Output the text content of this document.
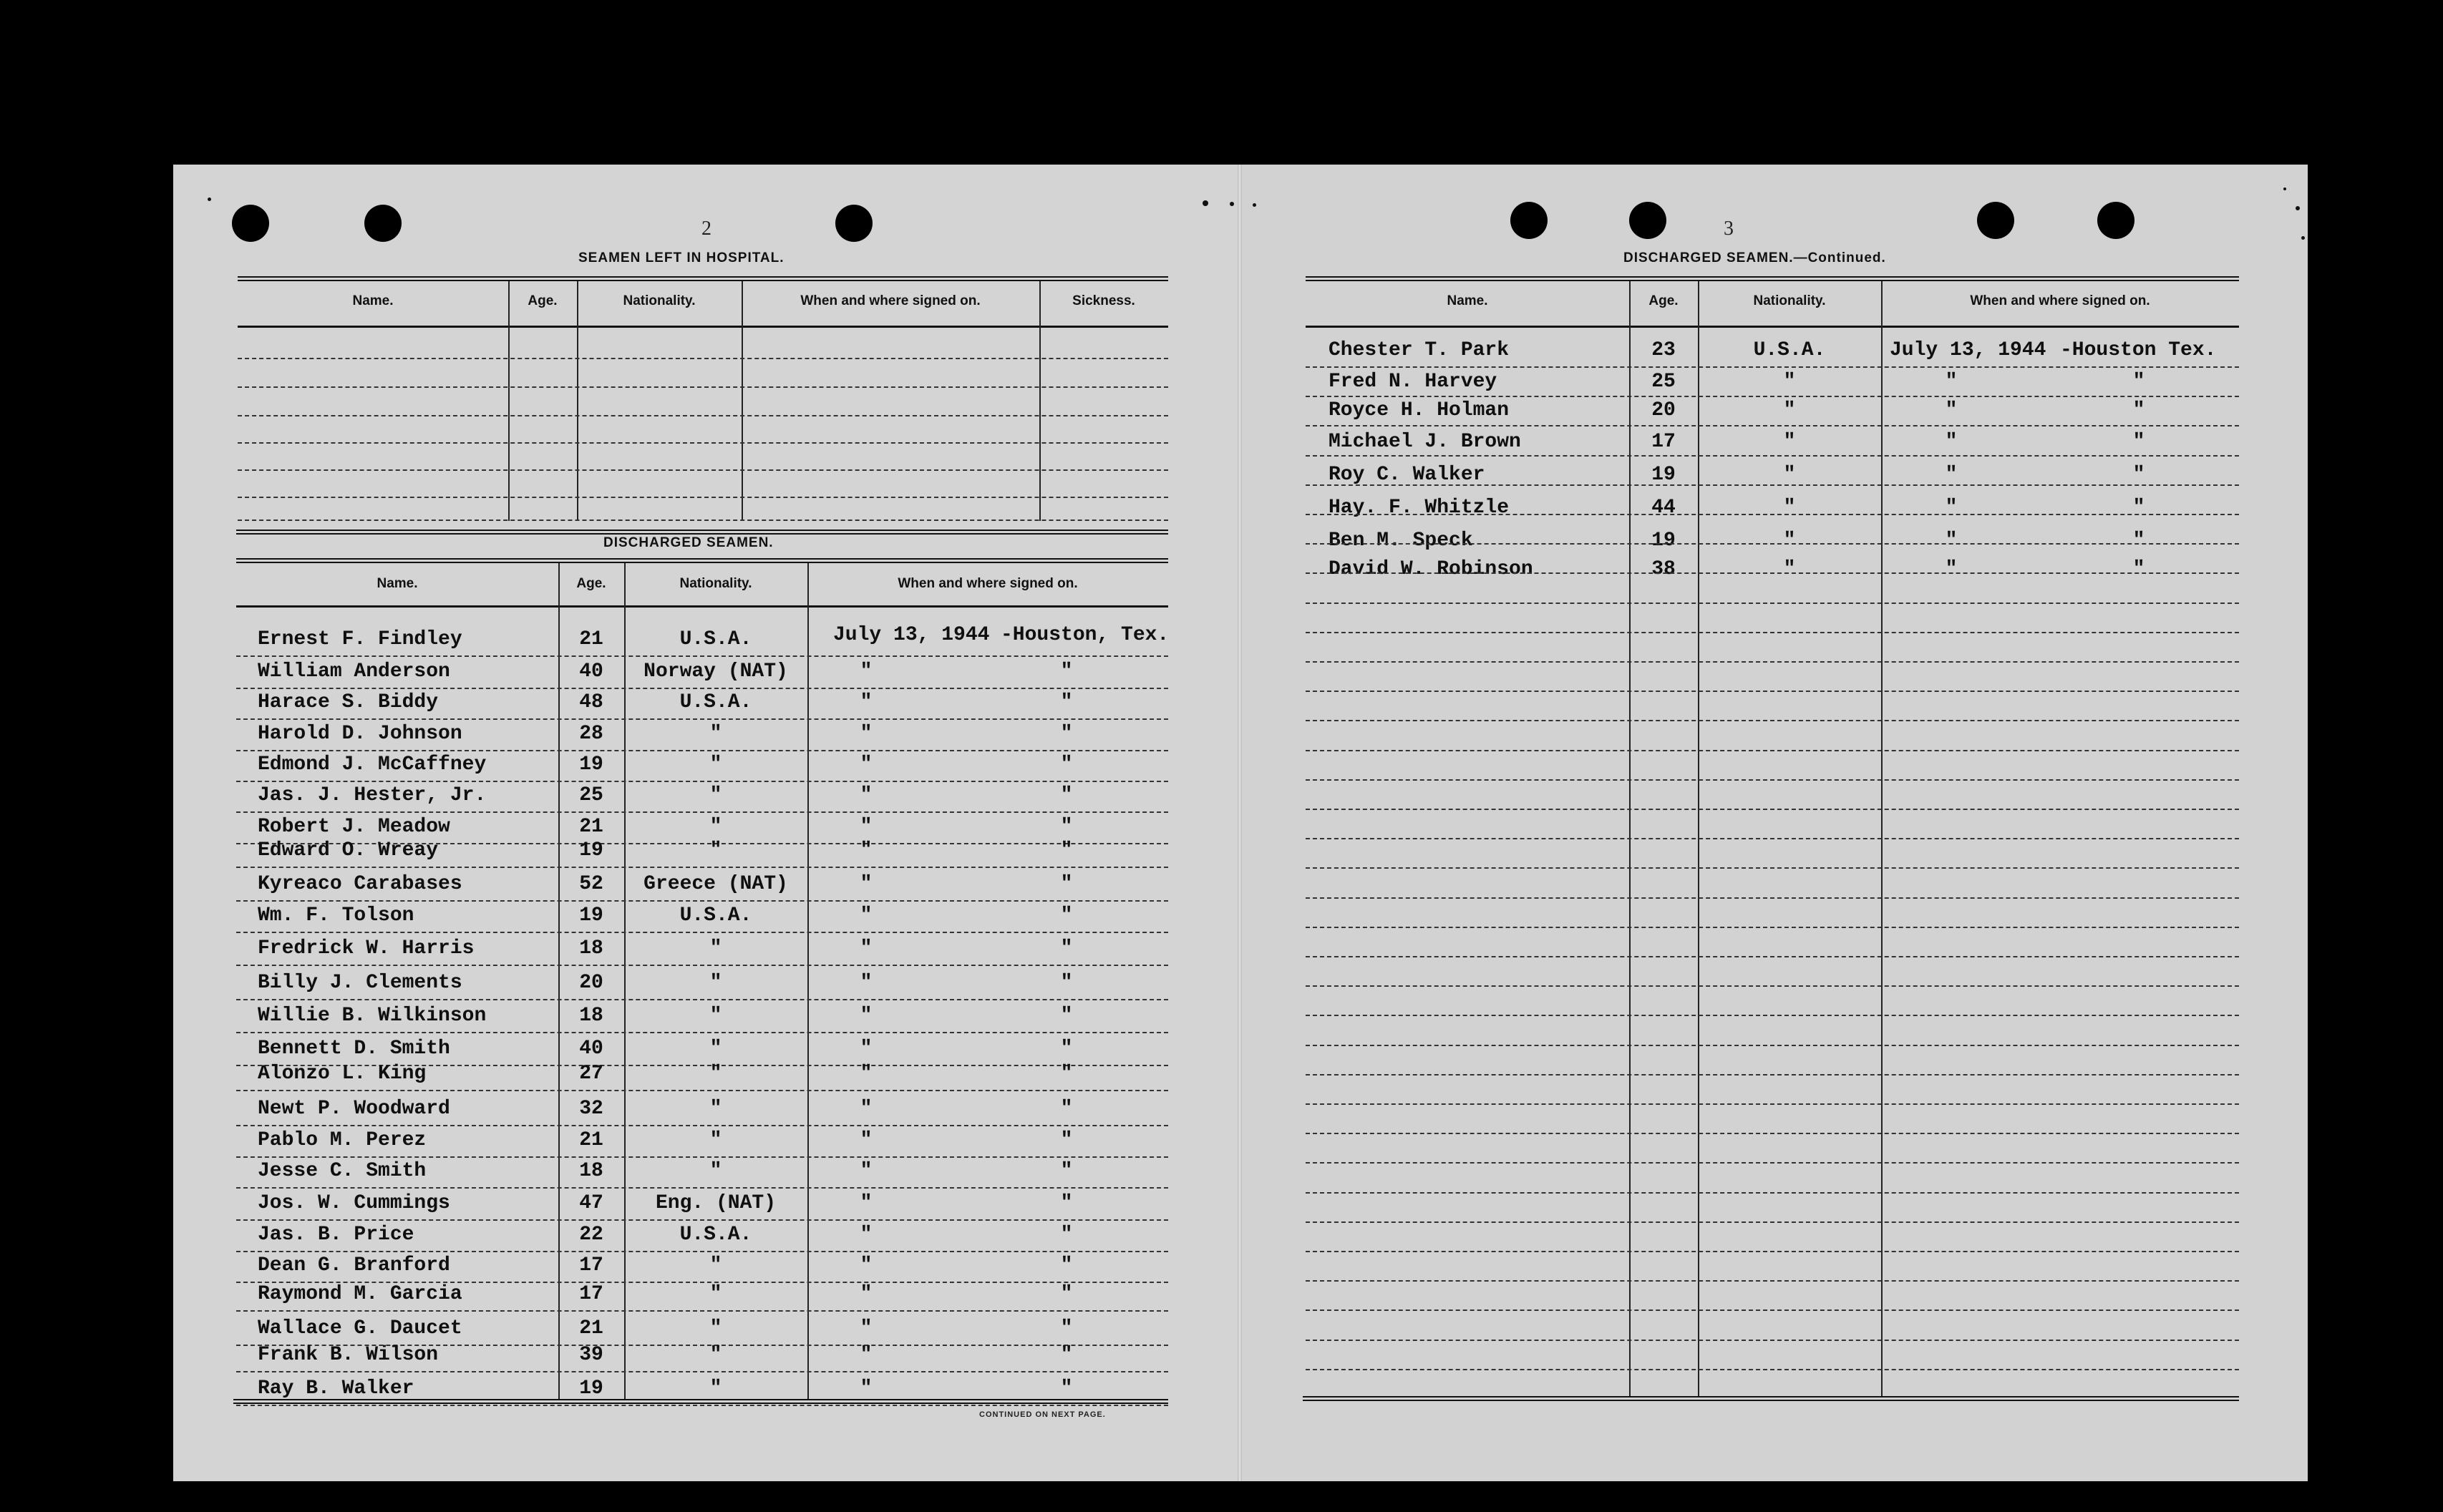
2
SEAMEN LEFT IN HOSPITAL.
Name.	Age.	Nationality.	When and where signed on.	Sickness.
DISCHARGED SEAMEN.
Name.	Age.	Nationality.	When and where signed on.
Ernest F. Findley	21	U.S.A.	July 13, 1944 -Houston, Tex.
William Anderson	40	Norway (NAT)	"	"
Harace S. Biddy	48	U.S.A.	"	"
Harold D. Johnson	28	"	"	"
Edmond J. McCaffney	19	"	"	"
Jas. J. Hester, Jr.	25	"	"	"
Robert J. Meadow	21	"	"	"
Edward O. Wreay	19	"	"	"
Kyreaco Carabases	52	Greece (NAT)	"	"
Wm. F. Tolson	19	U.S.A.	"	"
Fredrick W. Harris	18	"	"	"
Billy J. Clements	20	"	"	"
Willie B. Wilkinson	18	"	"	"
Bennett D. Smith	40	"	"	"
Alonzo L. King	27	"	"	"
Newt P. Woodward	32	"	"	"
Pablo M. Perez	21	"	"	"
Jesse C. Smith	18	"	"	"
Jos. W. Cummings	47	Eng. (NAT)	"	"
Jas. B. Price	22	U.S.A.	"	"
Dean G. Branford	17	"	"	"
Raymond M. Garcia	17	"	"	"
Wallace G. Daucet	21	"	"	"
Frank B. Wilson	39	"	"	"
Ray B. Walker	19	"	"	"
CONTINUED ON NEXT PAGE.
3
DISCHARGED SEAMEN.—Continued.
Name.	Age.	Nationality.	When and where signed on.
Chester T. Park	23	U.S.A.	July 13, 1944 -Houston Tex.
Fred N. Harvey	25	"	"	"
Royce H. Holman	20	"	"	"
Michael J. Brown	17	"	"	"
Roy C. Walker	19	"	"	"
Hay. F. Whitzle	44	"	"	"
Ben M. Speck	19	"	"	"
David W. Robinson	38	"	"	"
